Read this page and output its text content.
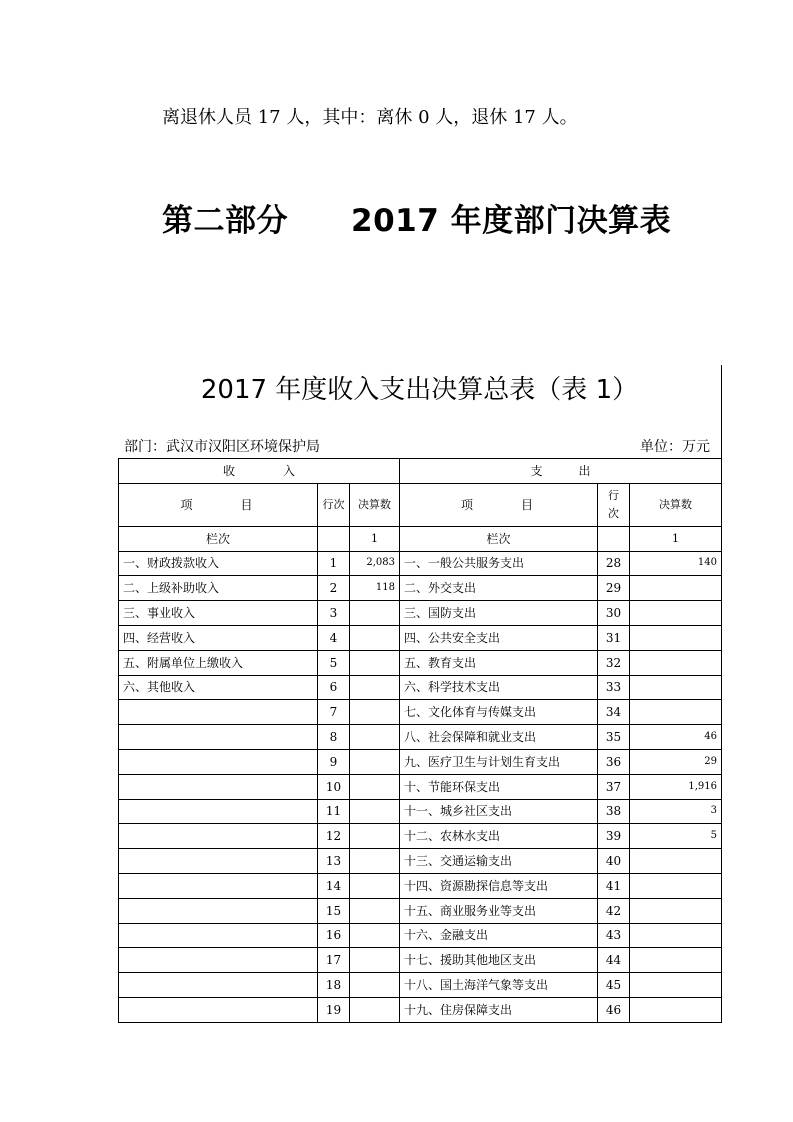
离退休人员 17 人，其中：离休 0 人，退休 17 人。
第二部分　　2017 年度部门决算表
2017 年度收入支出决算总表（表 1）
部门：武汉市汉阳区环境保护局	单位：万元
收　　　　入			支　　　出		
项　　　目	行次	决算数	项　　　目	行次	决算数
栏次		1	栏次		1
一、财政拨款收入	1	2,083	一、一般公共服务支出	28	140
二、上级补助收入	2	118	二、外交支出	29	
三、事业收入	3		三、国防支出	30	
四、经营收入	4		四、公共安全支出	31	
五、附属单位上缴收入	5		五、教育支出	32	
六、其他收入	6		六、科学技术支出	33	
	7		七、文化体育与传媒支出	34	
	8		八、社会保障和就业支出	35	46
	9		九、医疗卫生与计划生育支出	36	29
	10		十、节能环保支出	37	1,916
	11		十一、城乡社区支出	38	3
	12		十二、农林水支出	39	5
	13		十三、交通运输支出	40	
	14		十四、资源勘探信息等支出	41	
	15		十五、商业服务业等支出	42	
	16		十六、金融支出	43	
	17		十七、援助其他地区支出	44	
	18		十八、国土海洋气象等支出	45	
	19		十九、住房保障支出	46	
